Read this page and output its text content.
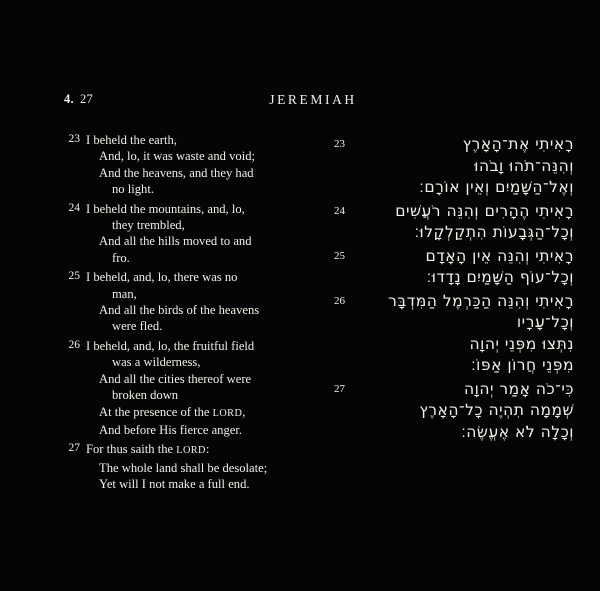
4. 27	JEREMIAH
23 I beheld the earth,
And, lo, it was waste and void;
And the heavens, and they had
no light.
24 I beheld the mountains, and, lo,
they trembled,
And all the hills moved to and
fro.
25 I beheld, and, lo, there was no
man,
And all the birds of the heavens
were fled.
26 I beheld, and, lo, the fruitful field
was a wilderness,
And all the cities thereof were
broken down
At the presence of the LORD,
And before His fierce anger.
27 For thus saith the LORD:
The whole land shall be desolate;
Yet will I not make a full end.
23	רָאִיתִי אֶת־הָאָרֶץ
וְהִנֵּה־תֹהוּ וָבֹהוּ
וְאֶל־הַשָּׁמַיִם וְאֵין אוֹרָם׃
24	רָאִיתִי הֶהָרִים וְהִנֵּה רֹעֲשִׁים
וְכָל־הַגְּבָעוֹת הִתְקַלְקָלוּ׃
25	רָאִיתִי וְהִנֵּה אֵין הָאָדָם
וְכָל־עוֹף הַשָּׁמַיִם נָדָדוּ׃
26	רָאִיתִי וְהִנֵּה הַכַּרְמֶל הַמִּדְבָּר
וְכָל־עָרָיו
נִתְּצוּ מִפְּנֵי יְהוָה
מִפְּנֵי חֲרוֹן אַפּוֹ׃
27	כִּי־כֹה אָמַר יְהוָה
שְׁמָמָה תִהְיֶה כָל־הָאָרֶץ
וְכָלָה לֹא אֶעֱשֶׂה׃
